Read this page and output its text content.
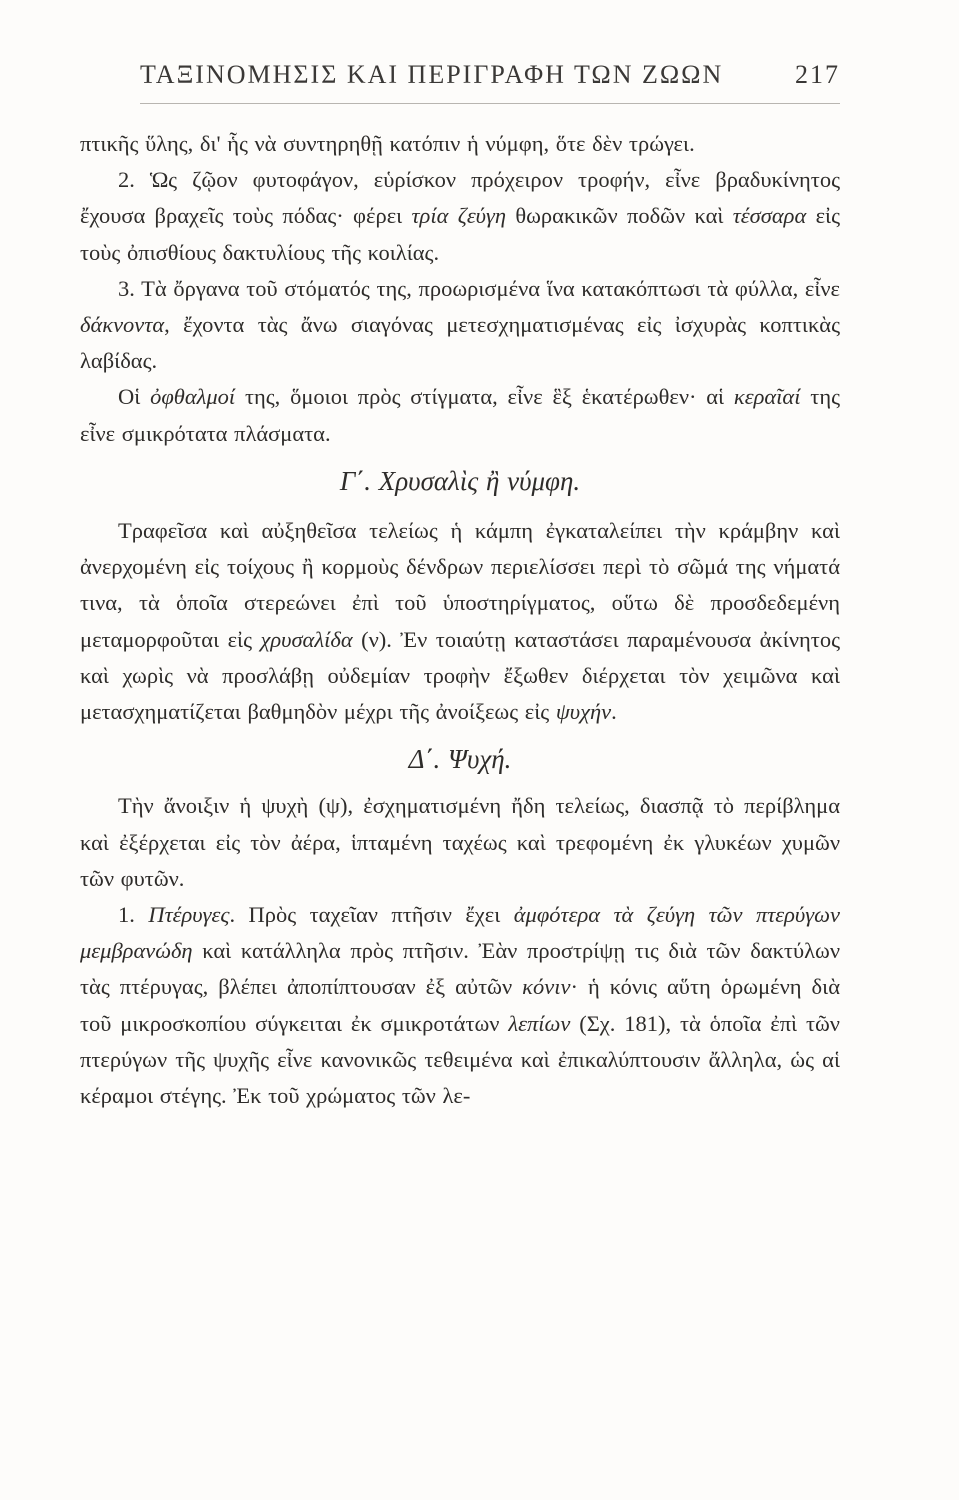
ΤΑΞΙΝΟΜΗΣΙΣ ΚΑΙ ΠΕΡΙΓΡΑΦΗ ΤΩΝ ΖΩΩΝ	217

πτικῆς ὕλης, δι' ἧς νὰ συντηρηθῇ κατόπιν ἡ νύμφη, ὅτε δὲν τρώγει.

2. Ὡς ζῷον φυτοφάγον, εὑρίσκον πρόχειρον τροφήν, εἶνε βραδυκίνητος ἔχουσα βραχεῖς τοὺς πόδας· φέρει τρία ζεύγη θωρακικῶν ποδῶν καὶ τέσσαρα εἰς τοὺς ὀπισθίους δακτυλίους τῆς κοιλίας.

3. Τὰ ὄργανα τοῦ στόματός της, προωρισμένα ἵνα κατακόπτωσι τὰ φύλλα, εἶνε δάκνοντα, ἔχοντα τὰς ἄνω σιαγόνας μετεσχηματισμένας εἰς ἰσχυρὰς κοπτικὰς λαβίδας.

Οἱ ὀφθαλμοί της, ὅμοιοι πρὸς στίγματα, εἶνε ἓξ ἑκατέρωθεν· αἱ κεραῖαί της εἶνε σμικρότατα πλάσματα.

Γ΄. Χρυσαλὶς ἢ νύμφη.

Τραφεῖσα καὶ αὐξηθεῖσα τελείως ἡ κάμπη ἐγκαταλείπει τὴν κράμβην καὶ ἀνερχομένη εἰς τοίχους ἢ κορμοὺς δένδρων περιελίσσει περὶ τὸ σῶμά της νήματά τινα, τὰ ὁποῖα στερεώνει ἐπὶ τοῦ ὑποστηρίγματος, οὕτω δὲ προσδεδεμένη μεταμορφοῦται εἰς χρυσαλίδα (ν). Ἐν τοιαύτῃ καταστάσει παραμένουσα ἀκίνητος καὶ χωρὶς νὰ προσλάβῃ οὐδεμίαν τροφὴν ἔξωθεν διέρχεται τὸν χειμῶνα καὶ μετασχηματίζεται βαθμηδὸν μέχρι τῆς ἀνοίξεως εἰς ψυχήν.

Δ΄. Ψυχή.

Τὴν ἄνοιξιν ἡ ψυχὴ (ψ), ἐσχηματισμένη ἤδη τελείως, διασπᾷ τὸ περίβλημα καὶ ἐξέρχεται εἰς τὸν ἀέρα, ἱπταμένη ταχέως καὶ τρεφομένη ἐκ γλυκέων χυμῶν τῶν φυτῶν.

1. Πτέρυγες. Πρὸς ταχεῖαν πτῆσιν ἔχει ἀμφότερα τὰ ζεύγη τῶν πτερύγων μεμβρανώδη καὶ κατάλληλα πρὸς πτῆσιν. Ἐὰν προστρίψῃ τις διὰ τῶν δακτύλων τὰς πτέρυγας, βλέπει ἀποπίπτουσαν ἐξ αὐτῶν κόνιν· ἡ κόνις αὕτη ὁρωμένη διὰ τοῦ μικροσκοπίου σύγκειται ἐκ σμικροτάτων λεπίων (Σχ. 181), τὰ ὁποῖα ἐπὶ τῶν πτερύγων τῆς ψυχῆς εἶνε κανονικῶς τεθειμένα καὶ ἐπικαλύπτουσιν ἄλληλα, ὡς αἱ κέραμοι στέγης. Ἐκ τοῦ χρώματος τῶν λε-
